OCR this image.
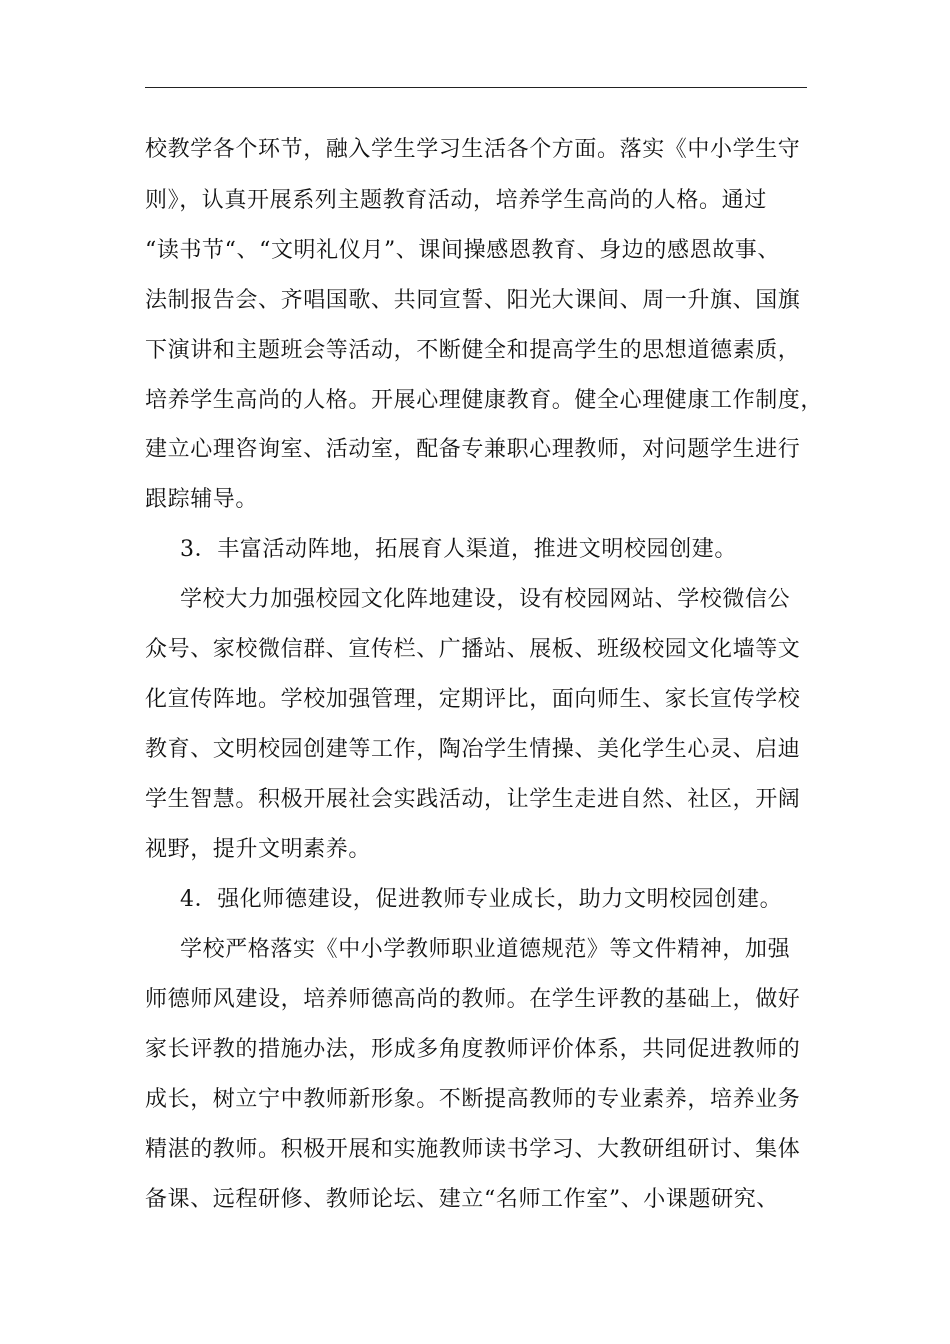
校教学各个环节，融入学生学习生活各个方面。落实《中小学生守
则》，认真开展系列主题教育活动，培养学生高尚的人格。通过
“读书节“、“文明礼仪月”、课间操感恩教育、身边的感恩故事、
法制报告会、齐唱国歌、共同宣誓、阳光大课间、周一升旗、国旗
下演讲和主题班会等活动，不断健全和提高学生的思想道德素质，
培养学生高尚的人格。开展心理健康教育。健全心理健康工作制度，
建立心理咨询室、活动室，配备专兼职心理教师，对问题学生进行
跟踪辅导。
3．丰富活动阵地，拓展育人渠道，推进文明校园创建。
学校大力加强校园文化阵地建设，设有校园网站、学校微信公
众号、家校微信群、宣传栏、广播站、展板、班级校园文化墙等文
化宣传阵地。学校加强管理，定期评比，面向师生、家长宣传学校
教育、文明校园创建等工作，陶冶学生情操、美化学生心灵、启迪
学生智慧。积极开展社会实践活动，让学生走进自然、社区，开阔
视野，提升文明素养。
4．强化师德建设，促进教师专业成长，助力文明校园创建。
学校严格落实《中小学教师职业道德规范》等文件精神，加强
师德师风建设，培养师德高尚的教师。在学生评教的基础上，做好
家长评教的措施办法，形成多角度教师评价体系，共同促进教师的
成长，树立宁中教师新形象。不断提高教师的专业素养，培养业务
精湛的教师。积极开展和实施教师读书学习、大教研组研讨、集体
备课、远程研修、教师论坛、建立“名师工作室”、小课题研究、
